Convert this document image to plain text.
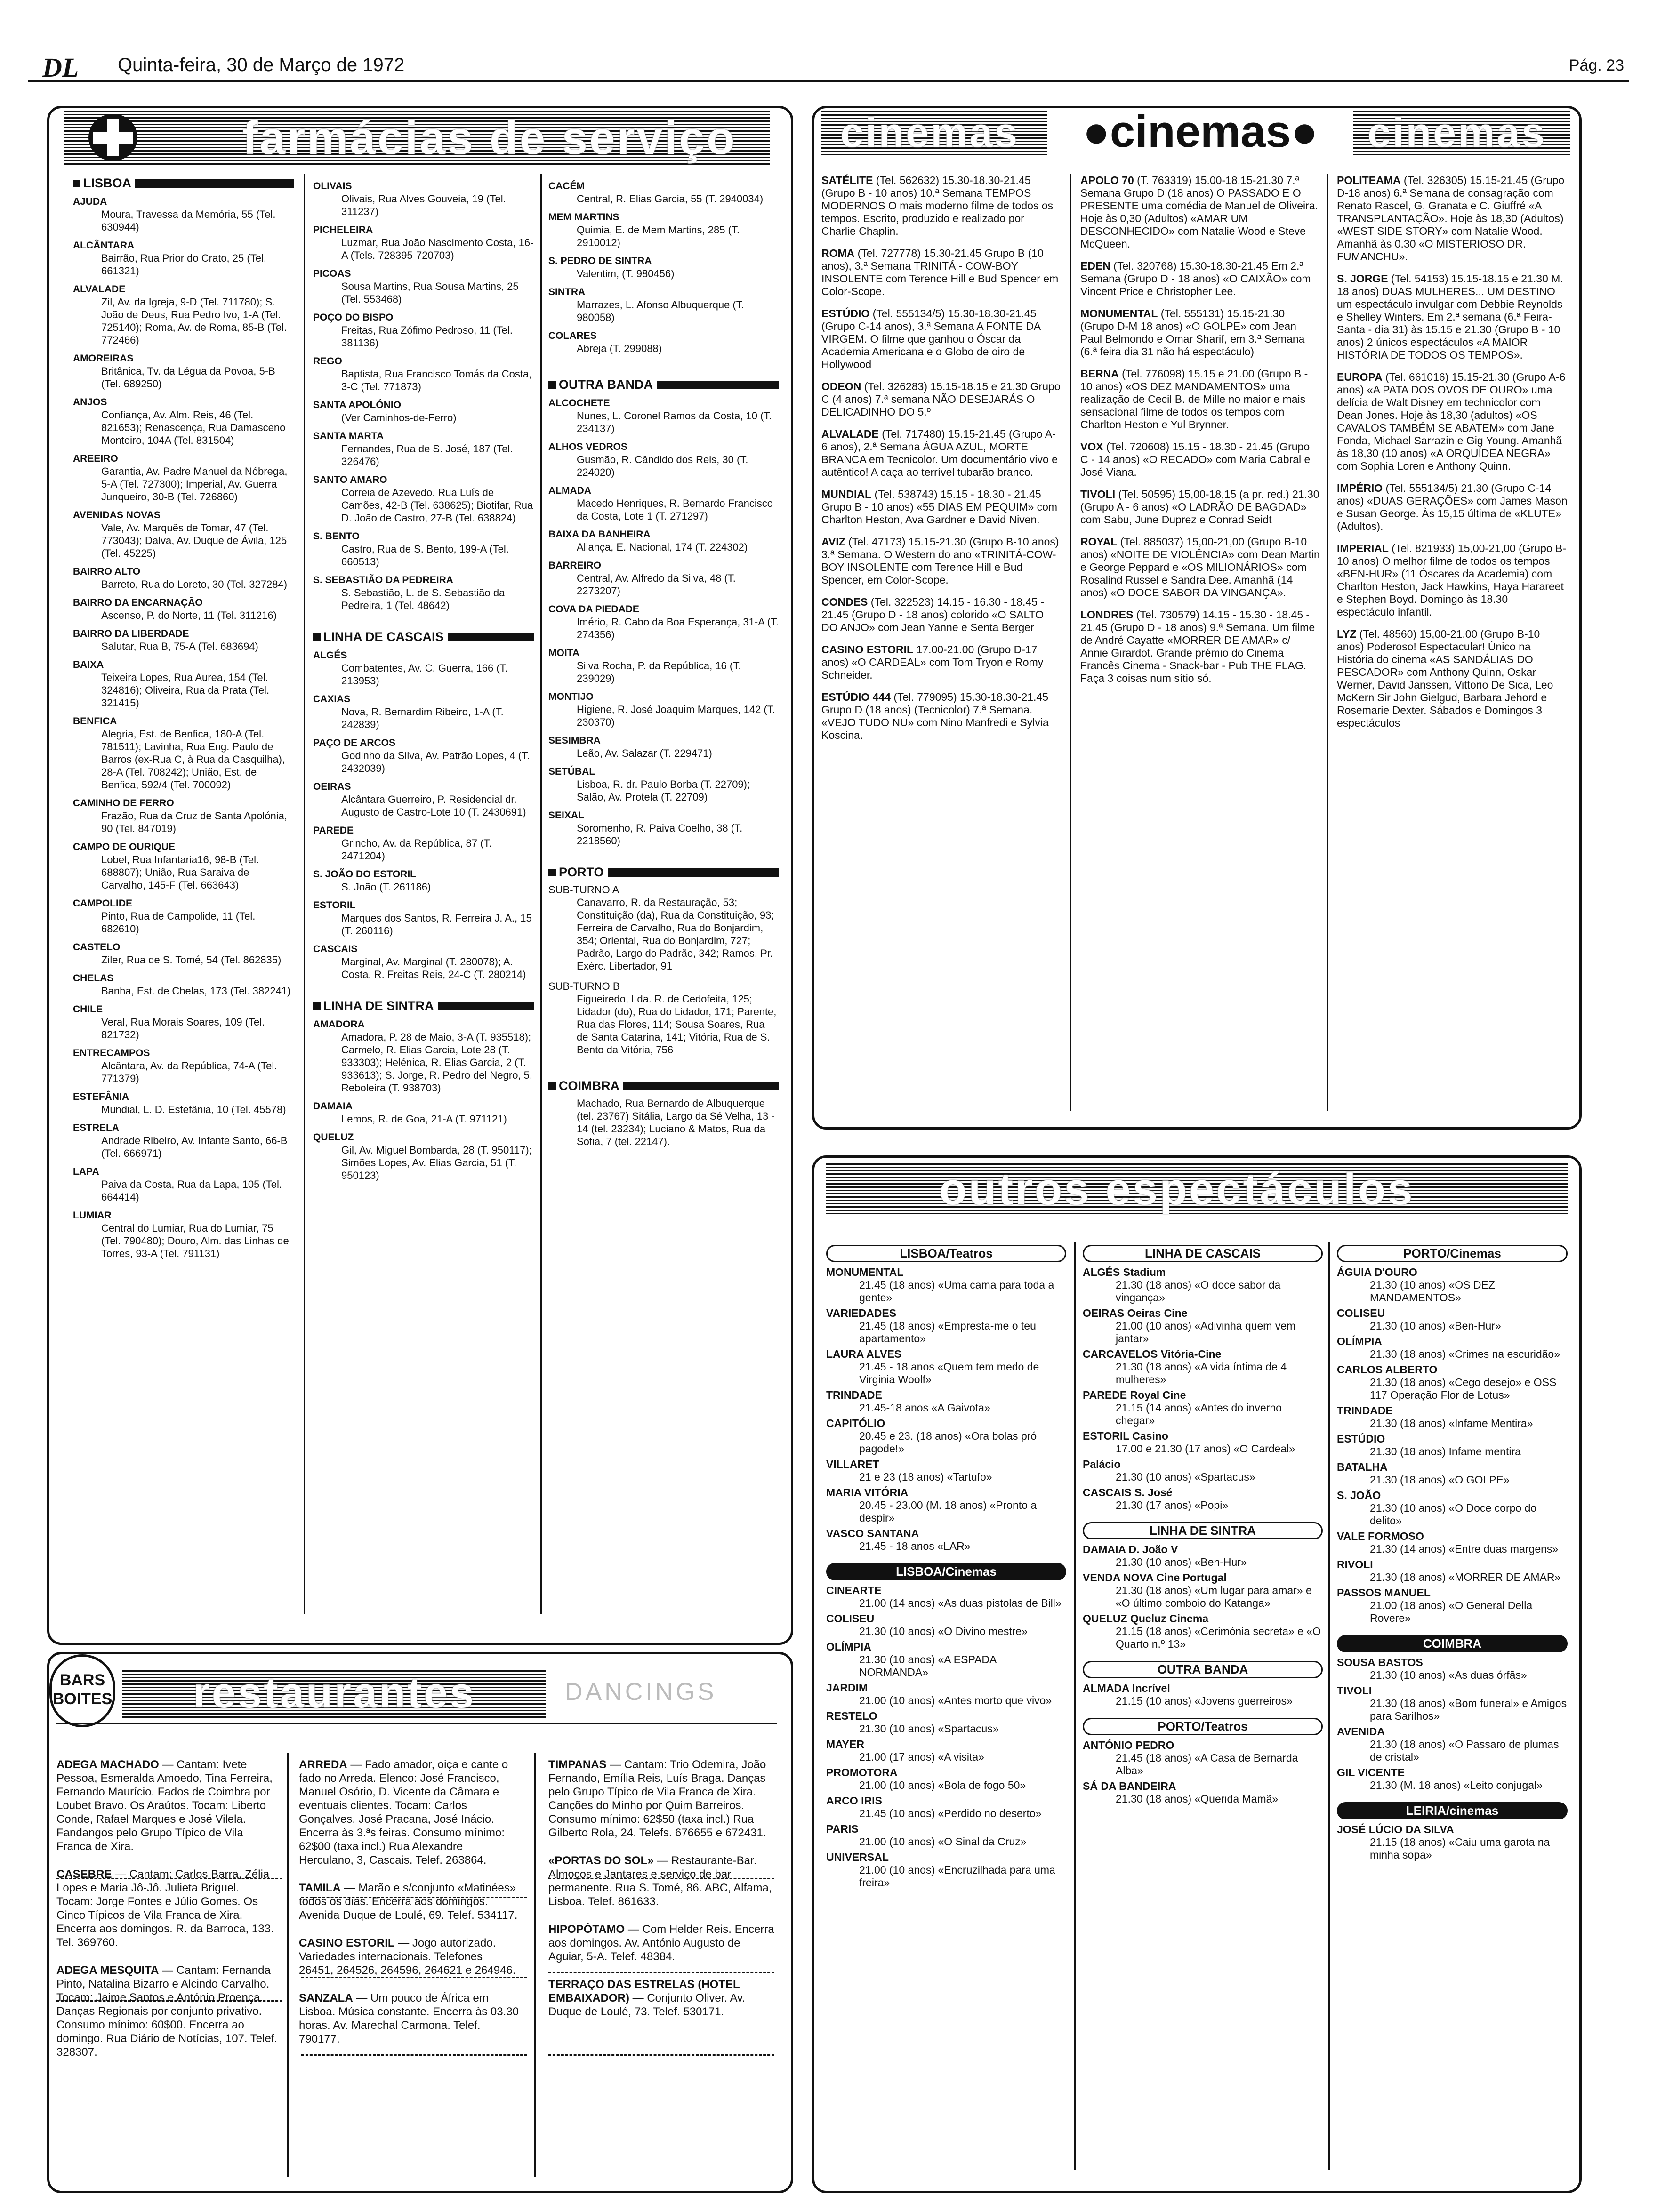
DL Quinta-feira, 30 de Março de 1972	Pág. 23
farmácias de serviço
LISBOA
AJUDA
Moura, Travessa da Memória, 55 (Tel. 630944)
ALCÂNTARA
Bairrão, Rua Prior do Crato, 25 (Tel. 661321)
ALVALADE
Zil, Av. da Igreja, 9-D (Tel. 711780); S. João de Deus, Rua Pedro Ivo, 1-A (Tel. 725140); Roma, Av. de Roma, 85-B (Tel. 772466)
AMOREIRAS
Britânica, Tv. da Légua da Povoa, 5-B (Tel. 689250)
ANJOS
Confiança, Av. Alm. Reis, 46 (Tel. 821653); Renascença, Rua Damasceno Monteiro, 104A (Tel. 831504)
AREEIRO
Garantia, Av. Padre Manuel da Nóbrega, 5-A (Tel. 727300); Imperial, Av. Guerra Junqueiro, 30-B (Tel. 726860)
AVENIDAS NOVAS
Vale, Av. Marquês de Tomar, 47 (Tel. 773043); Dalva, Av. Duque de Ávila, 125 (Tel. 45225)
BAIRRO ALTO
Barreto, Rua do Loreto, 30 (Tel. 327284)
BAIRRO DA ENCARNAÇÃO
Ascenso, P. do Norte, 11 (Tel. 311216)
BAIRRO DA LIBERDADE
Salutar, Rua B, 75-A (Tel. 683694)
BAIXA
Teixeira Lopes, Rua Aurea, 154 (Tel. 324816); Oliveira, Rua da Prata (Tel. 321415)
BENFICA
Alegria, Est. de Benfica, 180-A (Tel. 781511); Lavinha, Rua Eng. Paulo de Barros (ex-Rua C, à Rua da Casquilha), 28-A (Tel. 708242); União, Est. de Benfica, 592/4 (Tel. 700092)
CAMINHO DE FERRO
Frazão, Rua da Cruz de Santa Apolónia, 90 (Tel. 847019)
CAMPO DE OURIQUE
Lobel, Rua Infantaria16, 98-B (Tel. 688807); União, Rua Saraiva de Carvalho, 145-F (Tel. 663643)
CAMPOLIDE
Pinto, Rua de Campolide, 11 (Tel. 682610)
CASTELO
Ziler, Rua de S. Tomé, 54 (Tel. 862835)
CHELAS
Banha, Est. de Chelas, 173 (Tel. 382241)
CHILE
Veral, Rua Morais Soares, 109 (Tel. 821732)
ENTRECAMPOS
Alcântara, Av. da República, 74-A (Tel. 771379)
ESTEFÂNIA
Mundial, L. D. Estefânia, 10 (Tel. 45578)
ESTRELA
Andrade Ribeiro, Av. Infante Santo, 66-B (Tel. 666971)
LAPA
Paiva da Costa, Rua da Lapa, 105 (Tel. 664414)
LUMIAR
Central do Lumiar, Rua do Lumiar, 75 (Tel. 790480); Douro, Alm. das Linhas de Torres, 93-A (Tel. 791131)
OLIVAIS
Olivais, Rua Alves Gouveia, 19 (Tel. 311237)
PICHELEIRA
Luzmar, Rua João Nascimento Costa, 16-A (Tels. 728395-720703)
PICOAS
Sousa Martins, Rua Sousa Martins, 25 (Tel. 553468)
POÇO DO BISPO
Freitas, Rua Zófimo Pedroso, 11 (Tel. 381136)
REGO
Baptista, Rua Francisco Tomás da Costa, 3-C (Tel. 771873)
SANTA APOLÓNIO
(Ver Caminhos-de-Ferro)
SANTA MARTA
Fernandes, Rua de S. José, 187 (Tel. 326476)
SANTO AMARO
Correia de Azevedo, Rua Luís de Camões, 42-B (Tel. 638625); Biotifar, Rua D. João de Castro, 27-B (Tel. 638824)
S. BENTO
Castro, Rua de S. Bento, 199-A (Tel. 660513)
S. SEBASTIÃO DA PEDREIRA
S. Sebastião, L. de S. Sebastião da Pedreira, 1 (Tel. 48642)
LINHA DE CASCAIS
ALGÉS
Combatentes, Av. C. Guerra, 166 (T. 213953)
CAXIAS
Nova, R. Bernardim Ribeiro, 1-A (T. 242839)
PAÇO DE ARCOS
Godinho da Silva, Av. Patrão Lopes, 4 (T. 2432039)
OEIRAS
Alcântara Guerreiro, P. Residencial dr. Augusto de Castro-Lote 10 (T. 2430691)
PAREDE
Grincho, Av. da República, 87 (T. 2471204)
S. JOÃO DO ESTORIL
S. João (T. 261186)
ESTORIL
Marques dos Santos, R. Ferreira J. A., 15 (T. 260116)
CASCAIS
Marginal, Av. Marginal (T. 280078); A. Costa, R. Freitas Reis, 24-C (T. 280214)
LINHA DE SINTRA
AMADORA
Amadora, P. 28 de Maio, 3-A (T. 935518); Carmelo, R. Elias Garcia, Lote 28 (T. 933303); Helénica, R. Elias Garcia, 2 (T. 933613); S. Jorge, R. Pedro del Negro, 5, Reboleira (T. 938703)
DAMAIA
Lemos, R. de Goa, 21-A (T. 971121)
QUELUZ
Gil, Av. Miguel Bombarda, 28 (T. 950117); Simões Lopes, Av. Elias Garcia, 51 (T. 950123)
CACÉM
Central, R. Elias Garcia, 55 (T. 2940034)
MEM MARTINS
Quimia, E. de Mem Martins, 285 (T. 2910012)
S. PEDRO DE SINTRA
Valentim, (T. 980456)
SINTRA
Marrazes, L. Afonso Albuquerque (T. 980058)
COLARES
Abreja (T. 299088)
OUTRA BANDA
ALCOCHETE
Nunes, L. Coronel Ramos da Costa, 10 (T. 234137)
ALHOS VEDROS
Gusmão, R. Cândido dos Reis, 30 (T. 224020)
ALMADA
Macedo Henriques, R. Bernardo Francisco da Costa, Lote 1 (T. 271297)
BAIXA DA BANHEIRA
Aliança, E. Nacional, 174 (T. 224302)
BARREIRO
Central, Av. Alfredo da Silva, 48 (T. 2273207)
COVA DA PIEDADE
Imério, R. Cabo da Boa Esperança, 31-A (T. 274356)
MOITA
Silva Rocha, P. da República, 16 (T. 239029)
MONTIJO
Higiene, R. José Joaquim Marques, 142 (T. 230370)
SESIMBRA
Leão, Av. Salazar (T. 229471)
SETÚBAL
Lisboa, R. dr. Paulo Borba (T. 22709); Salão, Av. Protela (T. 22709)
SEIXAL
Soromenho, R. Paiva Coelho, 38 (T. 2218560)
PORTO
SUB-TURNO A
Canavarro, R. da Restauração, 53; Constituição (da), Rua da Constituição, 93; Ferreira de Carvalho, Rua do Bonjardim, 354; Oriental, Rua do Bonjardim, 727; Padrão, Largo do Padrão, 342; Ramos, Pr. Exérc. Libertador, 91
SUB-TURNO B
Figueiredo, Lda. R. de Cedofeita, 125; Lidador (do), Rua do Lidador, 171; Parente, Rua das Flores, 114; Sousa Soares, Rua de Santa Catarina, 141; Vitória, Rua de S. Bento da Vitória, 756
COIMBRA
Machado, Rua Bernardo de Albuquerque (tel. 23767) Sitália, Largo da Sé Velha, 13 - 14 (tel. 23234); Luciano & Matos, Rua da Sofia, 7 (tel. 22147).
cinemas	●cinemas●	cinemas
SATÉLITE (Tel. 562632) 15.30-18.30-21.45 (Grupo B - 10 anos) 10.ª Semana TEMPOS MODERNOS O mais moderno filme de todos os tempos. Escrito, produzido e realizado por Charlie Chaplin.
ROMA (Tel. 727778) 15.30-21.45 Grupo B (10 anos), 3.ª Semana TRINITÁ - COW-BOY INSOLENTE com Terence Hill e Bud Spencer em Color-Scope.
ESTÚDIO (Tel. 555134/5) 15.30-18.30-21.45 (Grupo C-14 anos), 3.ª Semana A FONTE DA VIRGEM. O filme que ganhou o Óscar da Academia Americana e o Globo de oiro de Hollywood
ODEON (Tel. 326283) 15.15-18.15 e 21.30 Grupo C (4 anos) 7.ª semana NÃO DESEJARÁS O DELICADINHO DO 5.º
ALVALADE (Tel. 717480) 15.15-21.45 (Grupo A-6 anos), 2.ª Semana ÁGUA AZUL, MORTE BRANCA em Tecnicolor. Um documentário vivo e autêntico! A caça ao terrível tubarão branco.
MUNDIAL (Tel. 538743) 15.15 - 18.30 - 21.45 Grupo B - 10 anos) «55 DIAS EM PEQUIM» com Charlton Heston, Ava Gardner e David Niven.
AVIZ (Tel. 47173) 15.15-21.30 (Grupo B-10 anos) 3.ª Semana. O Western do ano «TRINITÁ-COW-BOY INSOLENTE com Terence Hill e Bud Spencer, em Color-Scope.
CONDES (Tel. 322523) 14.15 - 16.30 - 18.45 - 21.45 (Grupo D - 18 anos) colorido «O SALTO DO ANJO» com Jean Yanne e Senta Berger
CASINO ESTORIL 17.00-21.00 (Grupo D-17 anos) «O CARDEAL» com Tom Tryon e Romy Schneider.
ESTÚDIO 444 (Tel. 779095) 15.30-18.30-21.45 Grupo D (18 anos) (Tecnicolor) 7.ª Semana. «VEJO TUDO NU» com Nino Manfredi e Sylvia Koscina.
APOLO 70 (T. 763319) 15.00-18.15-21.30 7.ª Semana Grupo D (18 anos) O PASSADO E O PRESENTE uma comédia de Manuel de Oliveira. Hoje às 0,30 (Adultos) «AMAR UM DESCONHECIDO» com Natalie Wood e Steve McQueen.
EDEN (Tel. 320768) 15.30-18.30-21.45 Em 2.ª Semana (Grupo D - 18 anos) «O CAIXÃO» com Vincent Price e Christopher Lee.
MONUMENTAL (Tel. 555131) 15.15-21.30 (Grupo D-M 18 anos) «O GOLPE» com Jean Paul Belmondo e Omar Sharif, em 3.ª Semana (6.ª feira dia 31 não há espectáculo)
BERNA (Tel. 776098) 15.15 e 21.00 (Grupo B - 10 anos) «OS DEZ MANDAMENTOS» uma realização de Cecil B. de Mille no maior e mais sensacional filme de todos os tempos com Charlton Heston e Yul Brynner.
VOX (Tel. 720608) 15.15 - 18.30 - 21.45 (Grupo C - 14 anos) «O RECADO» com Maria Cabral e José Viana.
TIVOLI (Tel. 50595) 15,00-18,15 (a pr. red.) 21.30 (Grupo A - 6 anos) «O LADRÃO DE BAGDAD» com Sabu, June Duprez e Conrad Seidt
ROYAL (Tel. 885037) 15,00-21,00 (Grupo B-10 anos) «NOITE DE VIOLÊNCIA» com Dean Martin e George Peppard e «OS MILIONÁRIOS» com Rosalind Russel e Sandra Dee. Amanhã (14 anos) «O DOCE SABOR DA VINGANÇA».
LONDRES (Tel. 730579) 14.15 - 15.30 - 18.45 - 21.45 (Grupo D - 18 anos) 9.ª Semana. Um filme de André Cayatte «MORRER DE AMAR» c/ Annie Girardot. Grande prémio do Cinema Francês Cinema - Snack-bar - Pub THE FLAG. Faça 3 coisas num sítio só.
POLITEAMA (Tel. 326305) 15.15-21.45 (Grupo D-18 anos) 6.ª Semana de consagração com Renato Rascel, G. Granata e C. Giuffré «A TRANSPLANTAÇÃO». Hoje às 18,30 (Adultos) «WEST SIDE STORY» com Natalie Wood. Amanhã às 0.30 «O MISTERIOSO DR. FUMANCHU».
S. JORGE (Tel. 54153) 15.15-18.15 e 21.30 M. 18 anos) DUAS MULHERES... UM DESTINO um espectáculo invulgar com Debbie Reynolds e Shelley Winters. Em 2.ª semana (6.ª Feira-Santa - dia 31) às 15.15 e 21.30 (Grupo B - 10 anos) 2 únicos espectáculos «A MAIOR HISTÓRIA DE TODOS OS TEMPOS».
EUROPA (Tel. 661016) 15.15-21.30 (Grupo A-6 anos) «A PATA DOS OVOS DE OURO» uma delícia de Walt Disney em technicolor com Dean Jones. Hoje às 18,30 (adultos) «OS CAVALOS TAMBÉM SE ABATEM» com Jane Fonda, Michael Sarrazin e Gig Young. Amanhã às 18,30 (10 anos) «A ORQUÍDEA NEGRA» com Sophia Loren e Anthony Quinn.
IMPÉRIO (Tel. 555134/5) 21.30 (Grupo C-14 anos) «DUAS GERAÇÕES» com James Mason e Susan George. Às 15,15 última de «KLUTE» (Adultos).
IMPERIAL (Tel. 821933) 15,00-21,00 (Grupo B-10 anos) O melhor filme de todos os tempos «BEN-HUR» (11 Óscares da Academia) com Charlton Heston, Jack Hawkins, Haya Harareet e Stephen Boyd. Domingo às 18.30 espectáculo infantil.
LYZ (Tel. 48560) 15,00-21,00 (Grupo B-10 anos) Poderoso! Espectacular! Único na História do cinema «AS SANDÁLIAS DO PESCADOR» com Anthony Quinn, Oskar Werner, David Janssen, Vittorio De Sica, Leo McKern Sir John Gielgud, Barbara Jehord e Rosemarie Dexter. Sábados e Domingos 3 espectáculos
outros espectáculos
LISBOA/Teatros
MONUMENTAL
21.45 (18 anos) «Uma cama para toda a gente»
VARIEDADES
21.45 (18 anos) «Empresta-me o teu apartamento»
LAURA ALVES
21.45 - 18 anos «Quem tem medo de Virginia Woolf»
TRINDADE
21.45-18 anos «A Gaivota»
CAPITÓLIO
20.45 e 23. (18 anos) «Ora bolas pró pagode!»
VILLARET
21 e 23 (18 anos) «Tartufo»
MARIA VITÓRIA
20.45 - 23.00 (M. 18 anos) «Pronto a despir»
VASCO SANTANA
21.45 - 18 anos «LAR»
LISBOA/Cinemas
CINEARTE
21.00 (14 anos) «As duas pistolas de Bill»
COLISEU
21.30 (10 anos) «O Divino mestre»
OLÍMPIA
21.30 (10 anos) «A ESPADA NORMANDA»
JARDIM
21.00 (10 anos) «Antes morto que vivo»
RESTELO
21.30 (10 anos) «Spartacus»
MAYER
21.00 (17 anos) «A visita»
PROMOTORA
21.00 (10 anos) «Bola de fogo 50»
ARCO IRIS
21.45 (10 anos) «Perdido no deserto»
PARIS
21.00 (10 anos) «O Sinal da Cruz»
UNIVERSAL
21.00 (10 anos) «Encruzilhada para uma freira»
LINHA DE CASCAIS
ALGÉS Stadium
21.30 (18 anos) «O doce sabor da vingança»
OEIRAS Oeiras Cine
21.00 (10 anos) «Adivinha quem vem jantar»
CARCAVELOS Vitória-Cine
21.30 (18 anos) «A vida íntima de 4 mulheres»
PAREDE Royal Cine
21.15 (14 anos) «Antes do inverno chegar»
ESTORIL Casino
17.00 e 21.30 (17 anos) «O Cardeal»
Palácio
21.30 (10 anos) «Spartacus»
CASCAIS S. José
21.30 (17 anos) «Popi»
LINHA DE SINTRA
DAMAIA D. João V
21.30 (10 anos) «Ben-Hur»
VENDA NOVA Cine Portugal
21.30 (18 anos) «Um lugar para amar» e «O último comboio do Katanga»
QUELUZ Queluz Cinema
21.15 (18 anos) «Cerimónia secreta» e «O Quarto n.º 13»
OUTRA BANDA
ALMADA Incrível
21.15 (10 anos) «Jovens guerreiros»
PORTO/Teatros
ANTÓNIO PEDRO
21.45 (18 anos) «A Casa de Bernarda Alba»
SÁ DA BANDEIRA
21.30 (18 anos) «Querida Mamã»
PORTO/Cinemas
ÁGUIA D'OURO
21.30 (10 anos) «OS DEZ MANDAMENTOS»
COLISEU
21.30 (10 anos) «Ben-Hur»
OLÍMPIA
21.30 (18 anos) «Crimes na escuridão»
CARLOS ALBERTO
21.30 (18 anos) «Cego desejo» e OSS 117 Operação Flor de Lotus»
TRINDADE
21.30 (18 anos) «Infame Mentira»
ESTÚDIO
21.30 (18 anos) Infame mentira
BATALHA
21.30 (18 anos) «O GOLPE»
S. JOÃO
21.30 (10 anos) «O Doce corpo do delito»
VALE FORMOSO
21.30 (14 anos) «Entre duas margens»
RIVOLI
21.30 (18 anos) «MORRER DE AMAR»
PASSOS MANUEL
21.00 (18 anos) «O General Della Rovere»
COIMBRA
SOUSA BASTOS
21.30 (10 anos) «As duas órfãs»
TIVOLI
21.30 (18 anos) «Bom funeral» e Amigos para Sarilhos»
AVENIDA
21.30 (18 anos) «O Passaro de plumas de cristal»
GIL VICENTE
21.30 (M. 18 anos) «Leito conjugal»
LEIRIA/cinemas
JOSÉ LÚCIO DA SILVA
21.15 (18 anos) «Caiu uma garota na minha sopa»
BARS
BOITES restaurantes	DANCINGS

ADEGA MACHADO — Cantam: Ivete Pessoa, Esmeralda Amoedo, Tina Ferreira, Fernando Maurício. Fados de Coimbra por Loubet Bravo. Os Araútos. Tocam: Liberto Conde, Rafael Marques e José Vilela. Fandangos pelo Grupo Típico de Vila Franca de Xira.

CASEBRE — Cantam: Carlos Barra, Zélia Lopes e Maria Jô-Jô. Julieta Briguel. Tocam: Jorge Fontes e Júlio Gomes. Os Cinco Típicos de Vila Franca de Xira. Encerra aos domingos. R. da Barroca, 133. Tel. 369760.

ADEGA MESQUITA — Cantam: Fernanda Pinto, Natalina Bizarro e Alcindo Carvalho. Tocam: Jaime Santos e António Proença. Danças Regionais por conjunto privativo. Consumo mínimo: 60$00. Encerra ao domingo. Rua Diário de Notícias, 107. Telef. 328307.

ARREDA — Fado amador, oiça e cante o fado no Arreda. Elenco: José Francisco, Manuel Osório, D. Vicente da Câmara e eventuais clientes. Tocam: Carlos Gonçalves, José Pracana, José Inácio. Encerra às 3.ªs feiras. Consumo mínimo: 62$00 (taxa incl.) Rua Alexandre Herculano, 3, Cascais. Telef. 263864.

TAMILA — Marão e s/conjunto «Matinées» todos os dias. Encerra aos domingos. Avenida Duque de Loulé, 69. Telef. 534117.

CASINO ESTORIL — Jogo autorizado. Variedades internacionais. Telefones 26451, 264526, 264596, 264621 e 264946.

SANZALA — Um pouco de África em Lisboa. Música constante. Encerra às 03.30 horas. Av. Marechal Carmona. Telef. 790177.

TIMPANAS — Cantam: Trio Odemira, João Fernando, Emília Reis, Luís Braga. Danças pelo Grupo Típico de Vila Franca de Xira. Canções do Minho por Quim Barreiros. Consumo mínimo: 62$50 (taxa incl.) Rua Gilberto Rola, 24. Telefs. 676655 e 672431.

«PORTAS DO SOL» — Restaurante-Bar. Almoços e Jantares e serviço de bar permanente. Rua S. Tomé, 86. ABC, Alfama, Lisboa. Telef. 861633.

HIPOPÓTAMO — Com Helder Reis. Encerra aos domingos. Av. António Augusto de Aguiar, 5-A. Telef. 48384.

TERRAÇO DAS ESTRELAS (HOTEL EMBAIXADOR) — Conjunto Oliver. Av. Duque de Loulé, 73. Telef. 530171.
